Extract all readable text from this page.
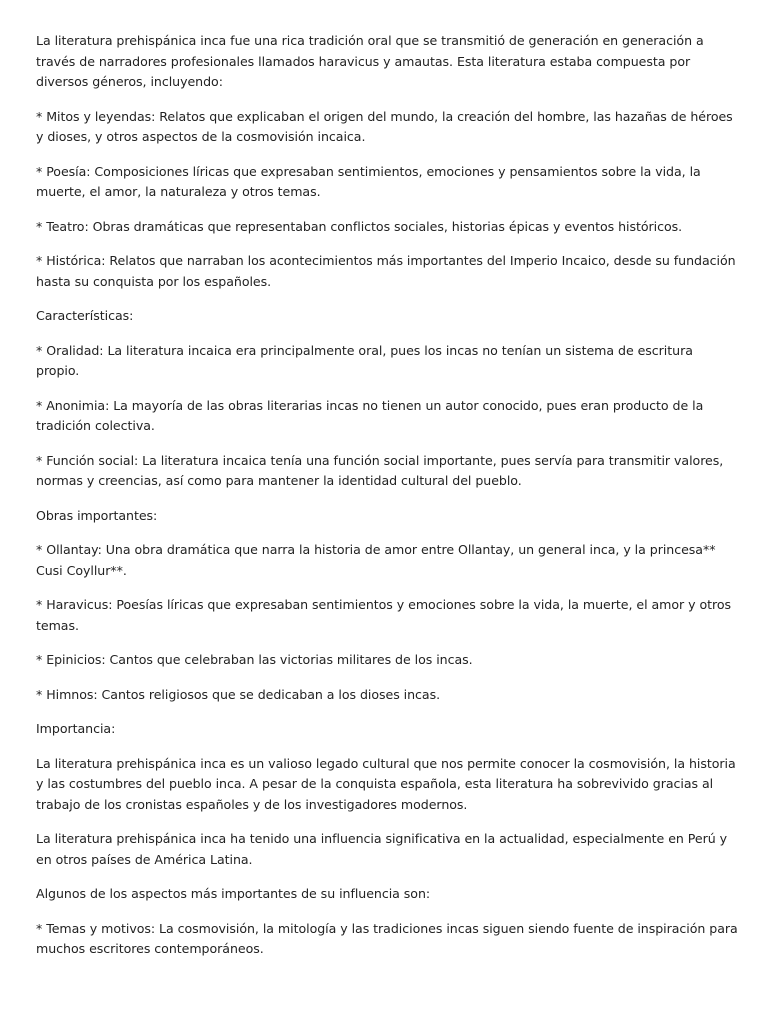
La literatura prehispánica inca fue una rica tradición oral que se transmitió de generación en generación a través de narradores profesionales llamados haravicus y amautas. Esta literatura estaba compuesta por diversos géneros, incluyendo:

* Mitos y leyendas: Relatos que explicaban el origen del mundo, la creación del hombre, las hazañas de héroes y dioses, y otros aspectos de la cosmovisión incaica.

* Poesía: Composiciones líricas que expresaban sentimientos, emociones y pensamientos sobre la vida, la muerte, el amor, la naturaleza y otros temas.

* Teatro: Obras dramáticas que representaban conflictos sociales, historias épicas y eventos históricos.

* Histórica: Relatos que narraban los acontecimientos más importantes del Imperio Incaico, desde su fundación hasta su conquista por los españoles.

Características:

* Oralidad: La literatura incaica era principalmente oral, pues los incas no tenían un sistema de escritura propio.

* Anonimia: La mayoría de las obras literarias incas no tienen un autor conocido, pues eran producto de la tradición colectiva.

* Función social: La literatura incaica tenía una función social importante, pues servía para transmitir valores, normas y creencias, así como para mantener la identidad cultural del pueblo.

Obras importantes:

* Ollantay: Una obra dramática que narra la historia de amor entre Ollantay, un general inca, y la princesa** Cusi Coyllur**.

* Haravicus: Poesías líricas que expresaban sentimientos y emociones sobre la vida, la muerte, el amor y otros temas.

* Epinicios: Cantos que celebraban las victorias militares de los incas.

* Himnos: Cantos religiosos que se dedicaban a los dioses incas.

Importancia:

La literatura prehispánica inca es un valioso legado cultural que nos permite conocer la cosmovisión, la historia y las costumbres del pueblo inca. A pesar de la conquista española, esta literatura ha sobrevivido gracias al trabajo de los cronistas españoles y de los investigadores modernos.

La literatura prehispánica inca ha tenido una influencia significativa en la actualidad, especialmente en Perú y en otros países de América Latina.

Algunos de los aspectos más importantes de su influencia son:

* Temas y motivos: La cosmovisión, la mitología y las tradiciones incas siguen siendo fuente de inspiración para muchos escritores contemporáneos.
